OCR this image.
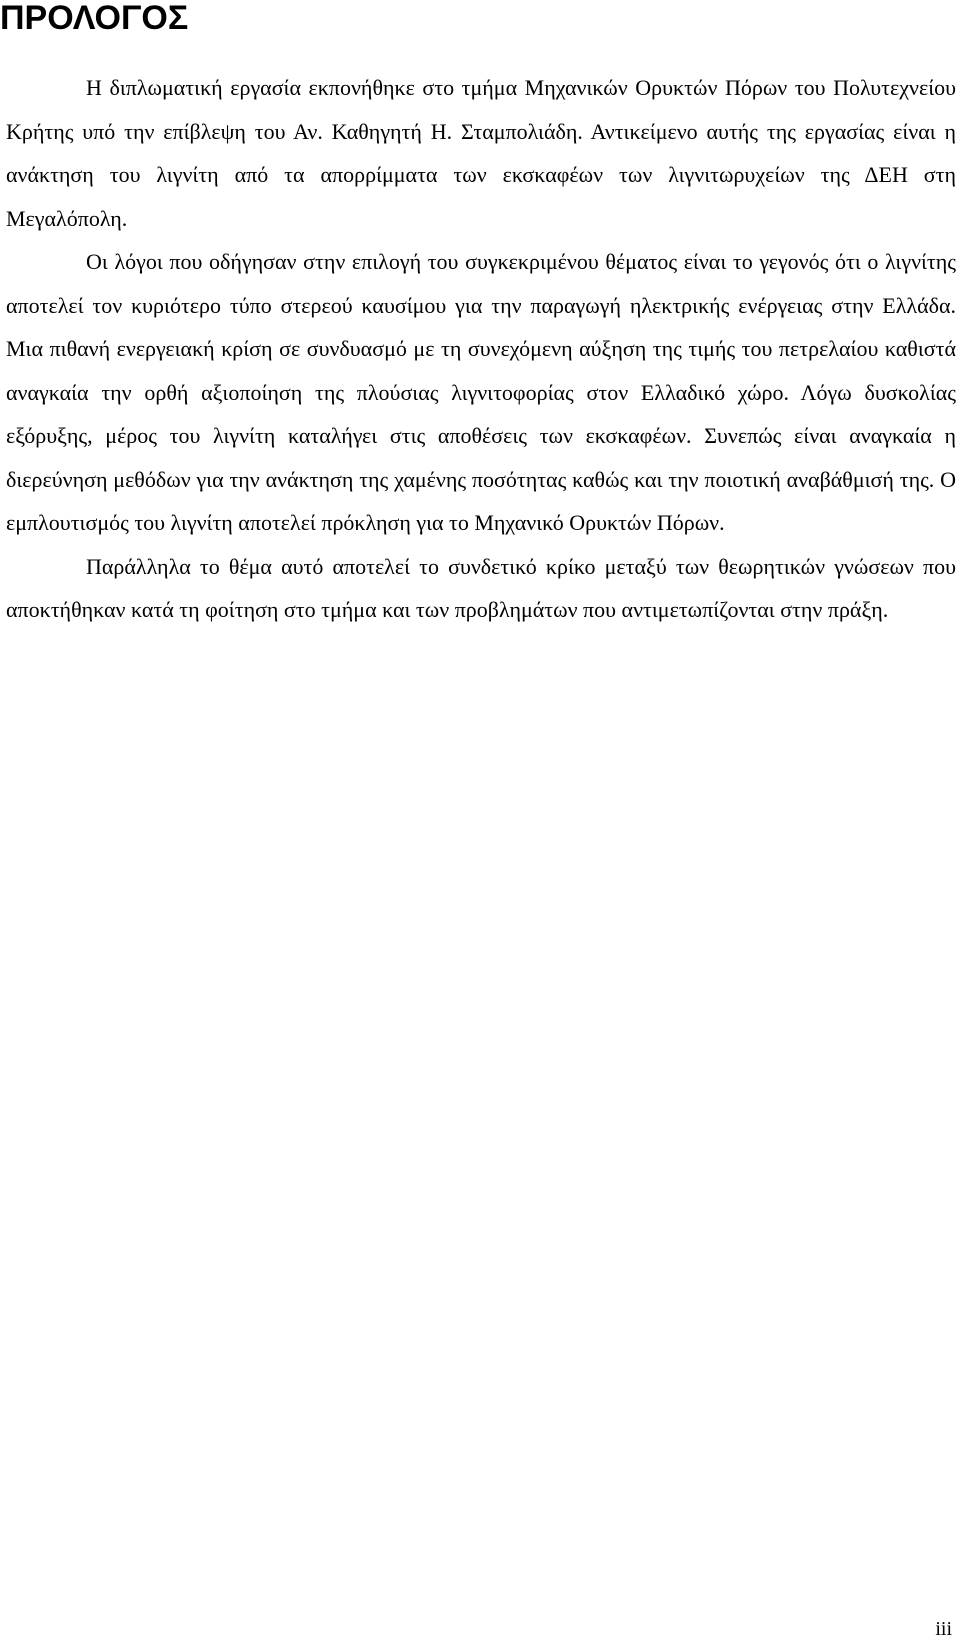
ΠΡΟΛΟΓΟΣ

Η διπλωματική εργασία εκπονήθηκε στο τμήμα Μηχανικών Ορυκτών Πόρων του Πολυτεχνείου Κρήτης υπό την επίβλεψη του Αν. Καθηγητή Η. Σταμπολιάδη. Αντικείμενο αυτής της εργασίας είναι η ανάκτηση του λιγνίτη από τα απορρίμματα των εκσκαφέων των λιγνιτωρυχείων της ΔΕΗ στη Μεγαλόπολη.

Οι λόγοι που οδήγησαν στην επιλογή του συγκεκριμένου θέματος είναι το γεγονός ότι ο λιγνίτης αποτελεί τον κυριότερο τύπο στερεού καυσίμου για την παραγωγή ηλεκτρικής ενέργειας στην Ελλάδα. Μια πιθανή ενεργειακή κρίση σε συνδυασμό με τη συνεχόμενη αύξηση της τιμής του πετρελαίου καθιστά αναγκαία την ορθή αξιοποίηση της πλούσιας λιγνιτοφορίας στον Ελλαδικό χώρο. Λόγω δυσκολίας εξόρυξης, μέρος του λιγνίτη καταλήγει στις αποθέσεις των εκσκαφέων. Συνεπώς είναι αναγκαία η διερεύνηση μεθόδων για την ανάκτηση της χαμένης ποσότητας καθώς και την ποιοτική αναβάθμισή της. Ο εμπλουτισμός του λιγνίτη αποτελεί πρόκληση για το Μηχανικό Ορυκτών Πόρων.

Παράλληλα το θέμα αυτό αποτελεί το συνδετικό κρίκο μεταξύ των θεωρητικών γνώσεων που αποκτήθηκαν κατά τη φοίτηση στο τμήμα και των προβλημάτων που αντιμετωπίζονται στην πράξη.

iii
